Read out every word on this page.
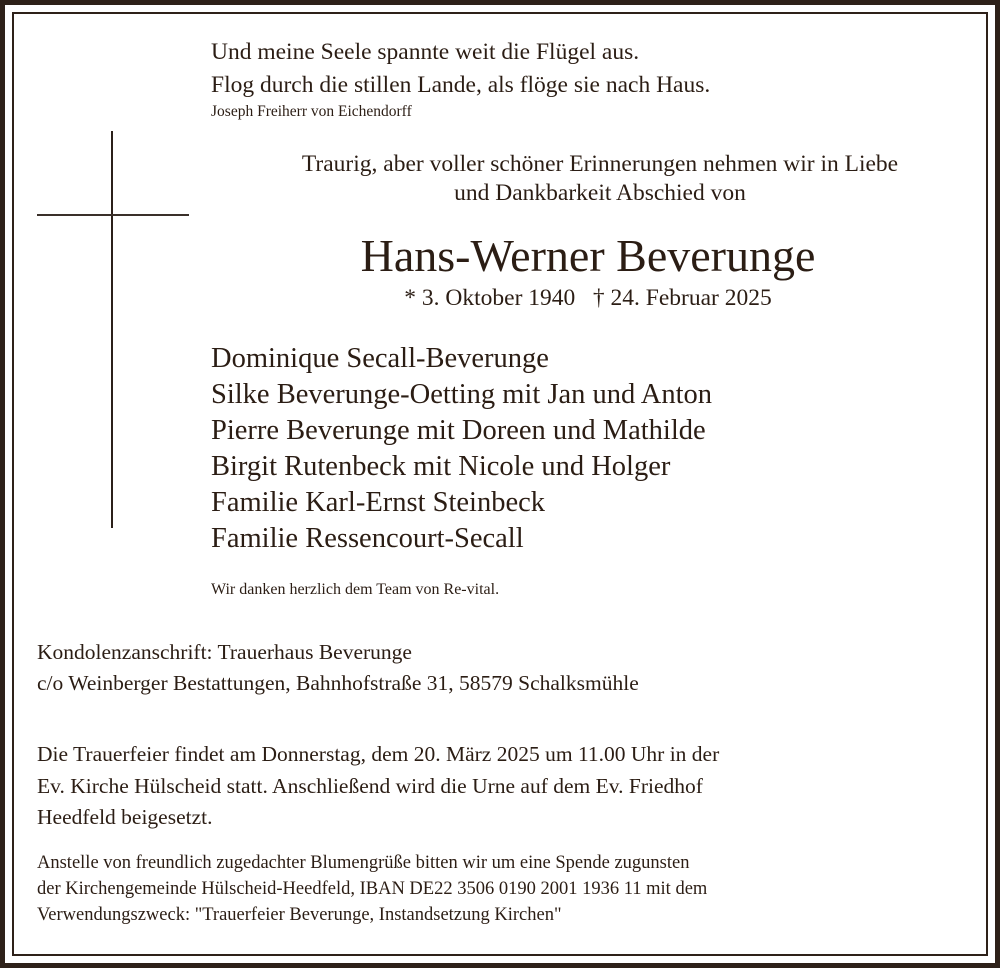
Und meine Seele spannte weit die Flügel aus.
Flog durch die stillen Lande, als flöge sie nach Haus.
Joseph Freiherr von Eichendorff
Traurig, aber voller schöner Erinnerungen nehmen wir in Liebe
und Dankbarkeit Abschied von
Hans-Werner Beverunge
* 3. Oktober 1940   † 24. Februar 2025
Dominique Secall-Beverunge
Silke Beverunge-Oetting mit Jan und Anton
Pierre Beverunge mit Doreen und Mathilde
Birgit Rutenbeck mit Nicole und Holger
Familie Karl-Ernst Steinbeck
Familie Ressencourt-Secall
Wir danken herzlich dem Team von Re-vital.
Kondolenzanschrift: Trauerhaus Beverunge
c/o Weinberger Bestattungen, Bahnhofstraße 31, 58579 Schalksmühle
Die Trauerfeier findet am Donnerstag, dem 20. März 2025 um 11.00 Uhr in der
Ev. Kirche Hülscheid statt. Anschließend wird die Urne auf dem Ev. Friedhof
Heedfeld beigesetzt.
Anstelle von freundlich zugedachter Blumengrüße bitten wir um eine Spende zugunsten
der Kirchengemeinde Hülscheid-Heedfeld, IBAN DE22 3506 0190 2001 1936 11 mit dem
Verwendungszweck: "Trauerfeier Beverunge, Instandsetzung Kirchen"
